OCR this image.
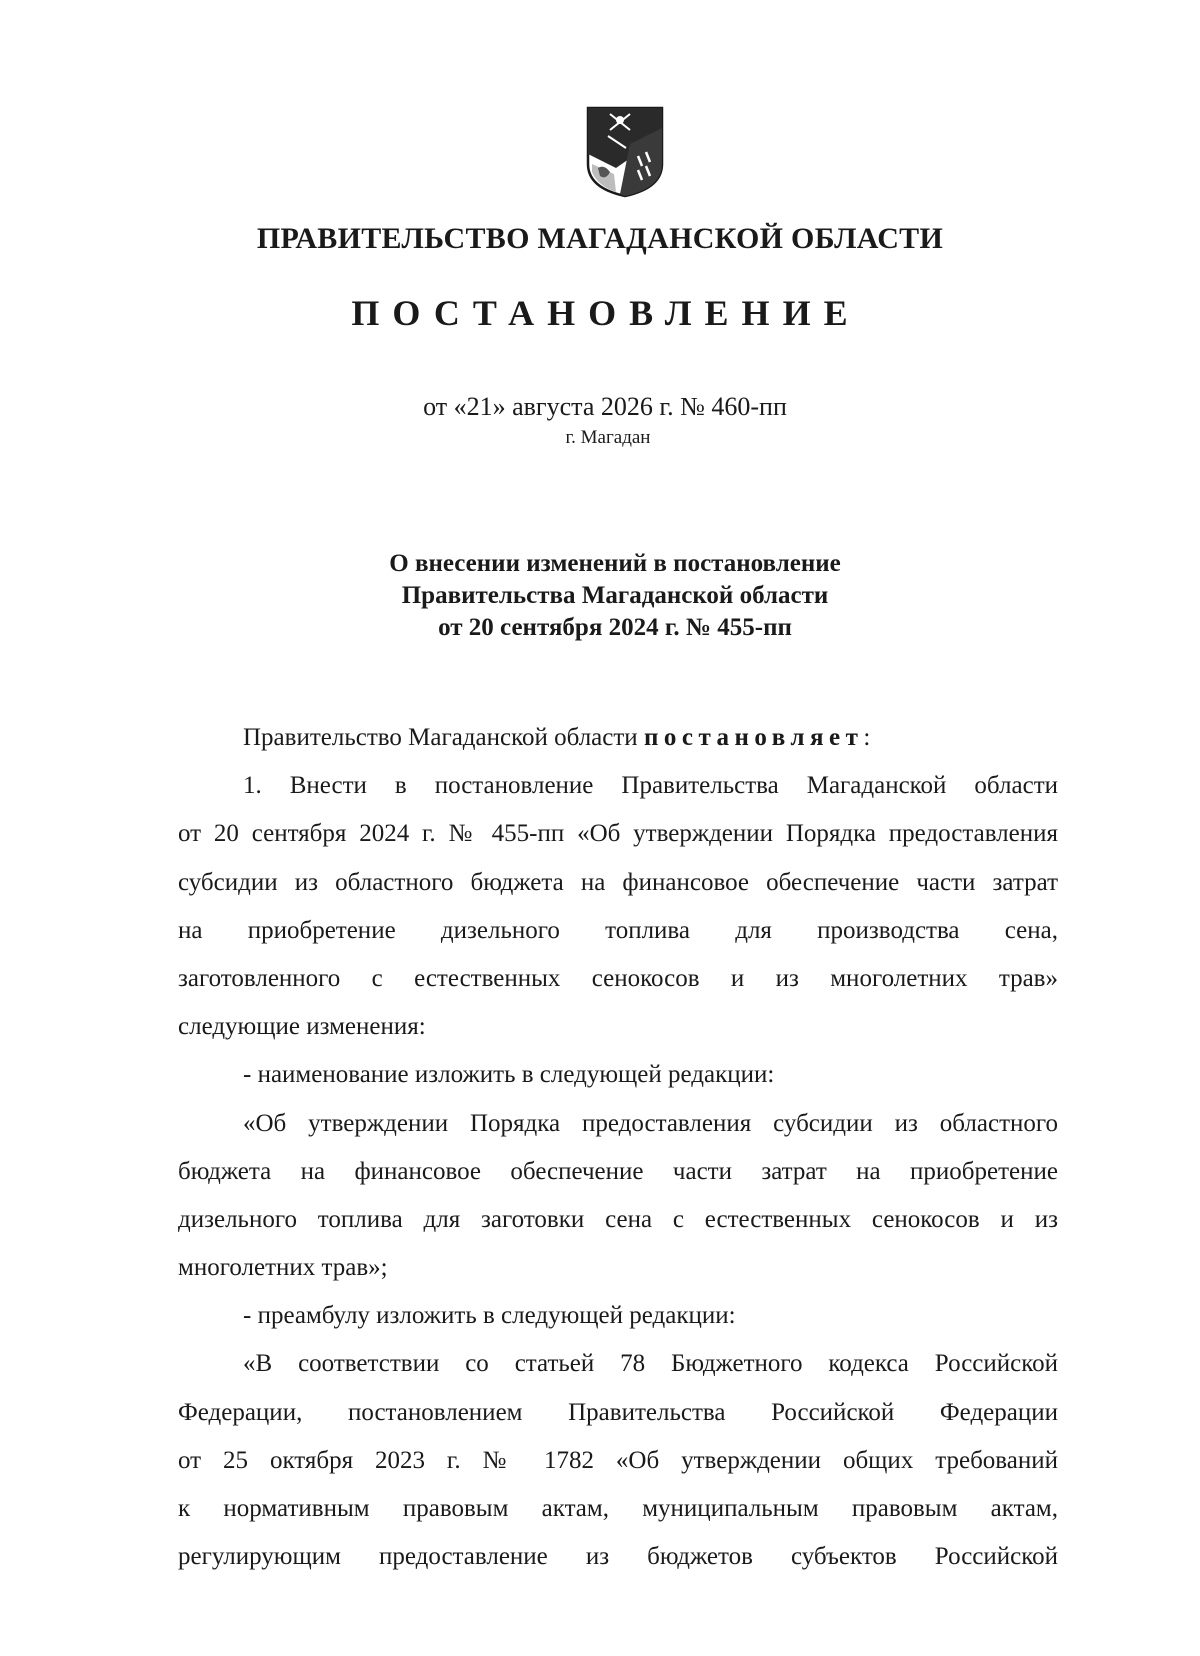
ПРАВИТЕЛЬСТВО МАГАДАНСКОЙ ОБЛАСТИ
ПОСТАНОВЛЕНИЕ
от «21» августа 2026 г. № 460-пп
г. Магадан
О внесении изменений в постановление
Правительства Магаданской области
от 20 сентября 2024 г. № 455-пп
Правительство Магаданской области постановляет:
1. Внести в постановление Правительства Магаданской области
от 20 сентября 2024 г. № 455-пп «Об утверждении Порядка предоставления
субсидии из областного бюджета на финансовое обеспечение части затрат
на приобретение дизельного топлива для производства сена,
заготовленного с естественных сенокосов и из многолетних трав»
следующие изменения:
- наименование изложить в следующей редакции:
«Об утверждении Порядка предоставления субсидии из областного
бюджета на финансовое обеспечение части затрат на приобретение
дизельного топлива для заготовки сена с естественных сенокосов и из
многолетних трав»;
- преамбулу изложить в следующей редакции:
«В соответствии со статьей 78 Бюджетного кодекса Российской
Федерации, постановлением Правительства Российской Федерации
от 25 октября 2023 г. № 1782 «Об утверждении общих требований
к нормативным правовым актам, муниципальным правовым актам,
регулирующим предоставление из бюджетов субъектов Российской
